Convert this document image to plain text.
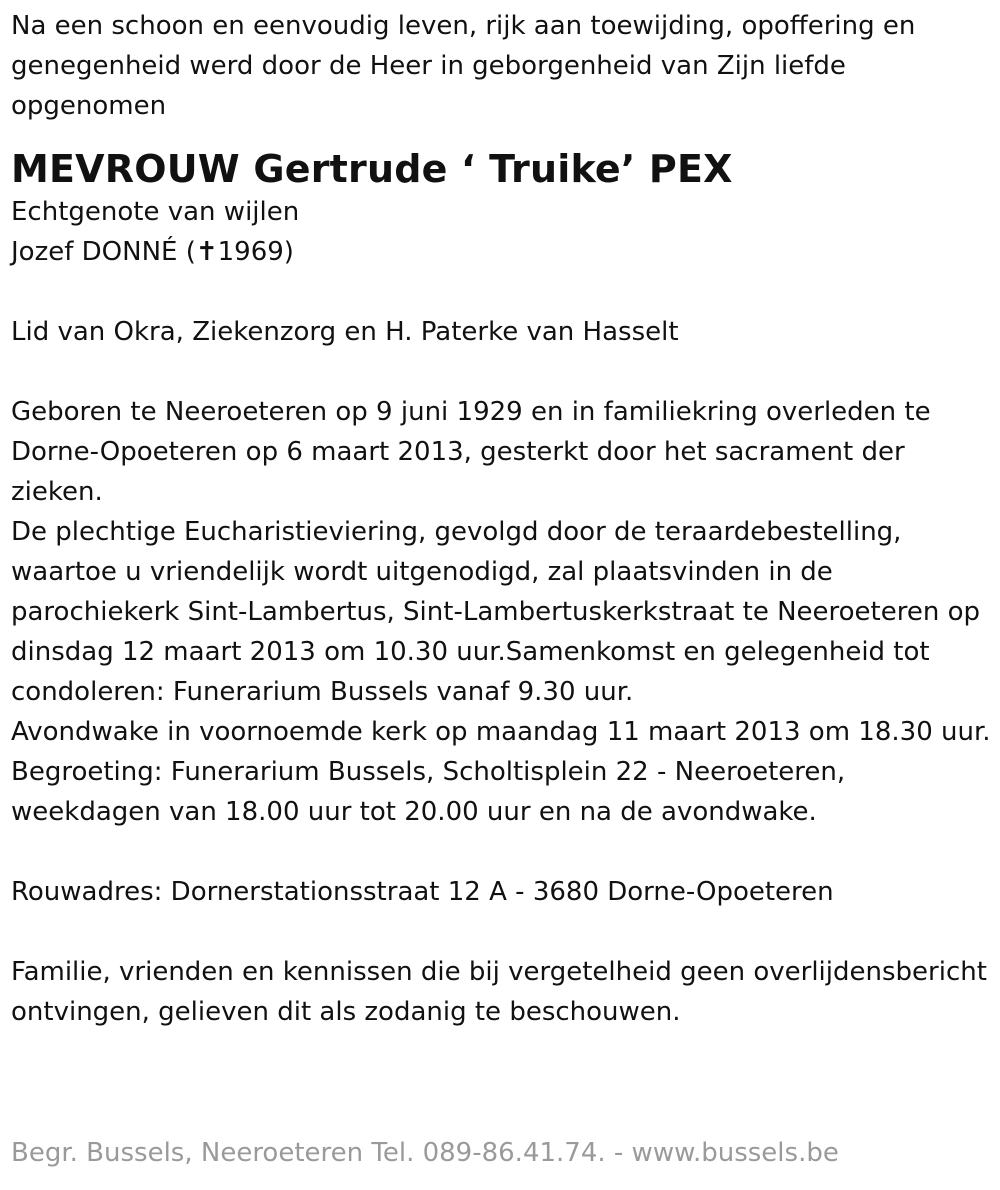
Na een schoon en eenvoudig leven, rijk aan toewijding, opoffering en genegenheid werd door de Heer in geborgenheid van Zijn liefde opgenomen

MEVROUW Gertrude ‘ Truike’ PEX
Echtgenote van wijlen
Jozef DONNÉ (✝1969)

Lid van Okra, Ziekenzorg en H. Paterke van Hasselt

Geboren te Neeroeteren op 9 juni 1929 en in familiekring overleden te Dorne-Opoeteren op 6 maart 2013, gesterkt door het sacrament der zieken.

De plechtige Eucharistieviering, gevolgd door de teraardebestelling, waartoe u vriendelijk wordt uitgenodigd, zal plaatsvinden in de parochiekerk Sint-Lambertus, Sint-Lambertuskerkstraat te Neeroeteren op dinsdag 12 maart 2013 om 10.30 uur.Samenkomst en gelegenheid tot condoleren: Funerarium Bussels vanaf 9.30 uur.

Avondwake in voornoemde kerk op maandag 11 maart 2013 om 18.30 uur.

Begroeting: Funerarium Bussels, Scholtisplein 22 - Neeroeteren, weekdagen van 18.00 uur tot 20.00 uur en na de avondwake.

Rouwadres: Dornerstationsstraat 12 A - 3680 Dorne-Opoeteren

Familie, vrienden en kennissen die bij vergetelheid geen overlijdensbericht ontvingen, gelieven dit als zodanig te beschouwen.

Begr. Bussels, Neeroeteren Tel. 089-86.41.74. - www.bussels.be
